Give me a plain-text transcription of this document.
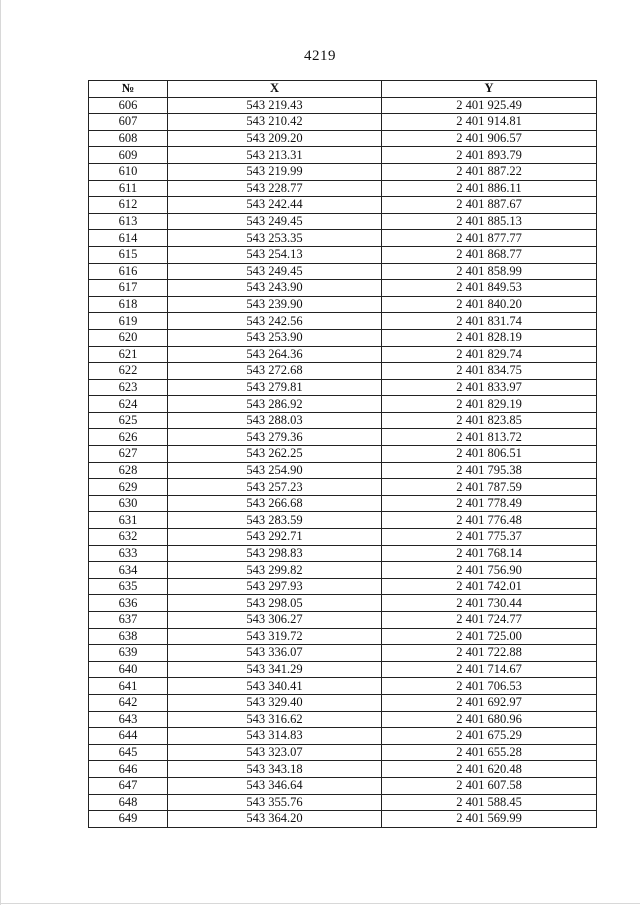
4219
№	X	Y
606	543 219.43	2 401 925.49
607	543 210.42	2 401 914.81
608	543 209.20	2 401 906.57
609	543 213.31	2 401 893.79
610	543 219.99	2 401 887.22
611	543 228.77	2 401 886.11
612	543 242.44	2 401 887.67
613	543 249.45	2 401 885.13
614	543 253.35	2 401 877.77
615	543 254.13	2 401 868.77
616	543 249.45	2 401 858.99
617	543 243.90	2 401 849.53
618	543 239.90	2 401 840.20
619	543 242.56	2 401 831.74
620	543 253.90	2 401 828.19
621	543 264.36	2 401 829.74
622	543 272.68	2 401 834.75
623	543 279.81	2 401 833.97
624	543 286.92	2 401 829.19
625	543 288.03	2 401 823.85
626	543 279.36	2 401 813.72
627	543 262.25	2 401 806.51
628	543 254.90	2 401 795.38
629	543 257.23	2 401 787.59
630	543 266.68	2 401 778.49
631	543 283.59	2 401 776.48
632	543 292.71	2 401 775.37
633	543 298.83	2 401 768.14
634	543 299.82	2 401 756.90
635	543 297.93	2 401 742.01
636	543 298.05	2 401 730.44
637	543 306.27	2 401 724.77
638	543 319.72	2 401 725.00
639	543 336.07	2 401 722.88
640	543 341.29	2 401 714.67
641	543 340.41	2 401 706.53
642	543 329.40	2 401 692.97
643	543 316.62	2 401 680.96
644	543 314.83	2 401 675.29
645	543 323.07	2 401 655.28
646	543 343.18	2 401 620.48
647	543 346.64	2 401 607.58
648	543 355.76	2 401 588.45
649	543 364.20	2 401 569.99
